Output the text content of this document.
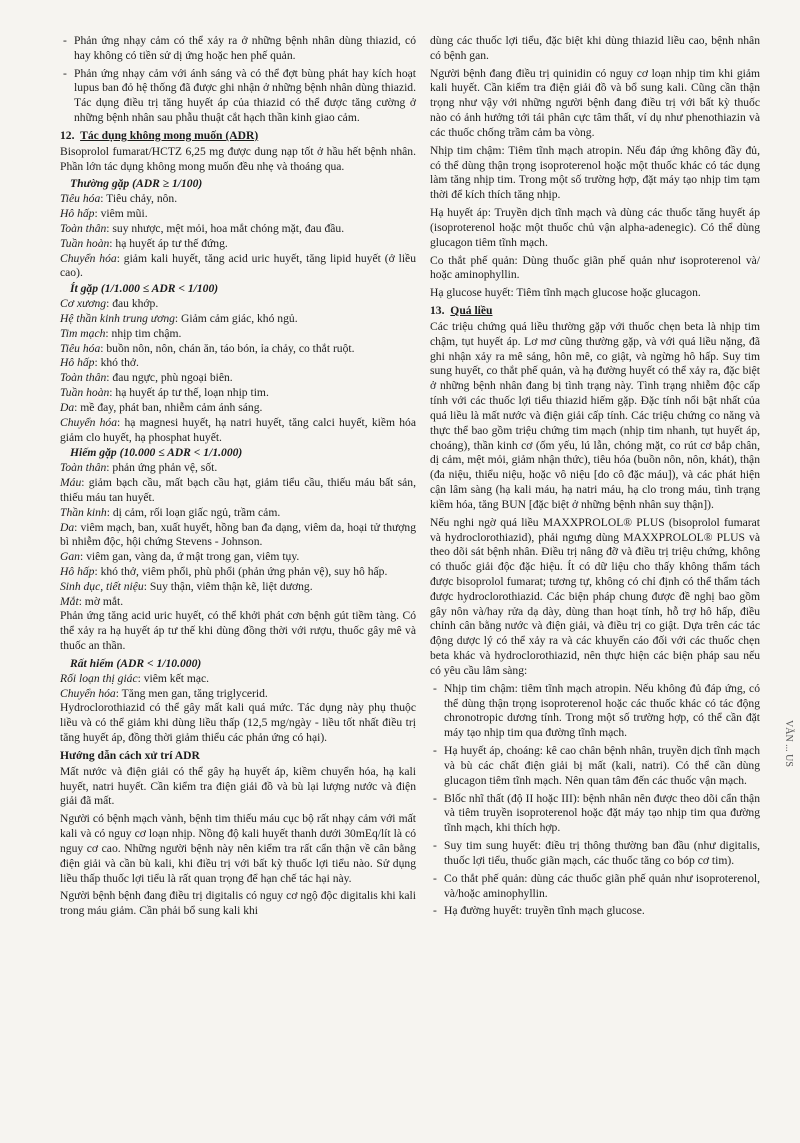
- Phản ứng nhạy cảm có thể xảy ra ở những bệnh nhân dùng thiazid, có hay không có tiền sử dị ứng hoặc hen phế quản.
- Phản ứng nhạy cảm với ánh sáng và có thể đợt bùng phát hay kích hoạt lupus ban đỏ hệ thống đã được ghi nhận ở những bệnh nhân dùng thiazid. Tác dụng điều trị tăng huyết áp của thiazid có thể được tăng cường ở những bệnh nhân sau phẫu thuật cắt hạch thần kinh giao cảm.
12. Tác dụng không mong muốn (ADR)

Bisoprolol fumarat/HCTZ 6,25 mg được dung nạp tốt ở hầu hết bệnh nhân. Phần lớn tác dụng không mong muốn đều nhẹ và thoáng qua.

Thường gặp (ADR ≥ 1/100)

Tiêu hóa: Tiêu chảy, nôn.

Hô hấp: viêm mũi.

Toàn thân: suy nhược, mệt mỏi, hoa mắt chóng mặt, đau đầu.

Tuần hoàn: hạ huyết áp tư thế đứng.

Chuyển hóa: giảm kali huyết, tăng acid uric huyết, tăng lipid huyết (ở liều cao).

Ít gặp (1/1.000 ≤ ADR < 1/100)

Cơ xương: đau khớp.

Hệ thần kinh trung ương: Giảm cảm giác, khó ngủ.

Tim mạch: nhịp tim chậm.

Tiêu hóa: buồn nôn, nôn, chán ăn, táo bón, ỉa chảy, co thắt ruột.

Hô hấp: khó thở.

Toàn thân: đau ngực, phù ngoại biên.

Tuần hoàn: hạ huyết áp tư thế, loạn nhịp tim.

Da: mề đay, phát ban, nhiễm cảm ánh sáng.

Chuyển hóa: hạ magnesi huyết, hạ natri huyết, tăng calci huyết, kiềm hóa giảm clo huyết, hạ phosphat huyết.

Hiếm gặp (10.000 ≤ ADR < 1/1.000)

Toàn thân: phản ứng phản vệ, sốt.

Máu: giảm bạch cầu, mất bạch cầu hạt, giảm tiểu cầu, thiếu máu bất sản, thiếu máu tan huyết.

Thần kinh: dị cảm, rối loạn giấc ngủ, trầm cảm.

Da: viêm mạch, ban, xuất huyết, hồng ban đa dạng, viêm da, hoại tử thượng bì nhiễm độc, hội chứng Stevens - Johnson.

Gan: viêm gan, vàng da, ứ mật trong gan, viêm tụy.

Hô hấp: khó thở, viêm phổi, phù phổi (phản ứng phản vệ), suy hô hấp.

Sinh dục, tiết niệu: Suy thận, viêm thận kẽ, liệt dương.

Mắt: mờ mắt.

Phản ứng tăng acid uric huyết, có thể khởi phát cơn bệnh gút tiềm tàng. Có thể xảy ra hạ huyết áp tư thế khi dùng đồng thời với rượu, thuốc gây mê và thuốc an thần.

Rất hiếm (ADR < 1/10.000)

Rối loạn thị giác: viêm kết mạc.

Chuyển hóa: Tăng men gan, tăng triglycerid.

Hydroclorothiazid có thể gây mất kali quá mức. Tác dụng này phụ thuộc liều và có thể giảm khi dùng liều thấp (12,5 mg/ngày - liều tốt nhất điều trị tăng huyết áp, đồng thời giảm thiểu các phản ứng có hại).

Hướng dẫn cách xử trí ADR

Mất nước và điện giải có thể gây hạ huyết áp, kiềm chuyển hóa, hạ kali huyết, natri huyết. Cần kiểm tra điện giải đồ và bù lại lượng nước và điện giải đã mất.

Người có bệnh mạch vành, bệnh tim thiếu máu cục bộ rất nhạy cảm với mất kali và có nguy cơ loạn nhịp. Nồng độ kali huyết thanh dưới 30mEq/lít là có nguy cơ cao. Những người bệnh này nên kiểm tra rất cẩn thận về cân bằng điện giải và cần bù kali, khi điều trị với bất kỳ thuốc lợi tiểu nào. Sử dụng liều thấp thuốc lợi tiểu là rất quan trọng để hạn chế tác hại này.

Người bệnh bệnh đang điều trị digitalis có nguy cơ ngộ độc digitalis khi kali trong máu giảm. Cần phải bổ sung kali khi

dùng các thuốc lợi tiểu, đặc biệt khi dùng thiazid liều cao, bệnh nhân có bệnh gan.

Người bệnh đang điều trị quinidin có nguy cơ loạn nhịp tim khi giảm kali huyết. Cần kiểm tra điện giải đồ và bổ sung kali. Cũng cần thận trọng như vậy với những người bệnh đang điều trị với bất kỳ thuốc nào có ảnh hưởng tới tái phân cực tâm thất, ví dụ như phenothiazin và các thuốc chống trầm cảm ba vòng.

Nhịp tim chậm: Tiêm tĩnh mạch atropin. Nếu đáp ứng không đầy đủ, có thể dùng thận trọng isoproterenol hoặc một thuốc khác có tác dụng làm tăng nhịp tim. Trong một số trường hợp, đặt máy tạo nhịp tim tạm thời để kích thích tăng nhịp.

Hạ huyết áp: Truyền dịch tĩnh mạch và dùng các thuốc tăng huyết áp (isoproterenol hoặc một thuốc chủ vận alpha-adenegic). Có thể dùng glucagon tiêm tĩnh mạch.

Co thắt phế quản: Dùng thuốc giãn phế quản như isoproterenol và/ hoặc aminophyllin.

Hạ glucose huyết: Tiêm tĩnh mạch glucose hoặc glucagon.

13. Quá liều

Các triệu chứng quá liều thường gặp với thuốc chẹn beta là nhịp tim chậm, tụt huyết áp. Lơ mơ cũng thường gặp, và với quá liều nặng, đã ghi nhận xảy ra mê sảng, hôn mê, co giật, và ngừng hô hấp. Suy tim sung huyết, co thắt phế quản, và hạ đường huyết có thể xảy ra, đặc biệt ở những bệnh nhân đang bị tình trạng này. Tình trạng nhiễm độc cấp tính với các thuốc lợi tiểu thiazid hiếm gặp. Đặc tính nổi bật nhất của quá liều là mất nước và điện giải cấp tính. Các triệu chứng co năng và thực thể bao gồm triệu chứng tim mạch (nhịp tim nhanh, tụt huyết áp, choáng), thần kinh cơ (ốm yếu, lú lẫn, chóng mặt, co rút cơ bắp chân, dị cảm, mệt mỏi, giảm nhận thức), tiêu hóa (buồn nôn, nôn, khát), thận (đa niệu, thiểu niệu, hoặc vô niệu [do cô đặc máu]), và các phát hiện cận lâm sàng (hạ kali máu, hạ natri máu, hạ clo trong máu, tình trạng kiềm hóa, tăng BUN [đặc biệt ở những bệnh nhân suy thận]).

Nếu nghi ngờ quá liều MAXXPROLOL® PLUS (bisoprolol fumarat và hydroclorothiazid), phải ngưng dùng MAXXPROLOL® PLUS và theo dõi sát bệnh nhân. Điều trị nâng đỡ và điều trị triệu chứng, không có thuốc giải độc đặc hiệu. Ít có dữ liệu cho thấy không thẩm tách được bisoprolol fumarat; tương tự, không có chỉ định có thể thẩm tách được hydroclorothiazid. Các biện pháp chung được đề nghị bao gồm gây nôn và/hay rửa dạ dày, dùng than hoạt tính, hỗ trợ hô hấp, điều chỉnh cân bằng nước và điện giải, và điều trị co giật. Dựa trên các tác động dược lý có thể xảy ra và các khuyến cáo đối với các thuốc chẹn beta khác và hydroclorothiazid, nên thực hiện các biện pháp sau nếu có yêu cầu lâm sàng:

- Nhịp tim chậm: tiêm tĩnh mạch atropin. Nếu không đủ đáp ứng, có thể dùng thận trọng isoproterenol hoặc các thuốc khác có tác động chronotropic dương tính. Trong một số trường hợp, có thể cần đặt máy tạo nhịp tim qua đường tĩnh mạch.
- Hạ huyết áp, choáng: kê cao chân bệnh nhân, truyền dịch tĩnh mạch và bù các chất điện giải bị mất (kali, natri). Có thể cần dùng glucagon tiêm tĩnh mạch. Nên quan tâm đến các thuốc vận mạch.
- Blốc nhĩ thất (độ II hoặc III): bệnh nhân nên được theo dõi cẩn thận và tiêm truyền isoproterenol hoặc đặt máy tạo nhịp tim qua đường tĩnh mạch, khi thích hợp.
- Suy tim sung huyết: điều trị thông thường ban đầu (như digitalis, thuốc lợi tiểu, thuốc giãn mạch, các thuốc tăng co bóp cơ tim).
- Co thắt phế quản: dùng các thuốc giãn phế quản như isoproterenol, và/hoặc aminophyllin.
- Hạ đường huyết: truyền tĩnh mạch glucose.
VĂN ... US
